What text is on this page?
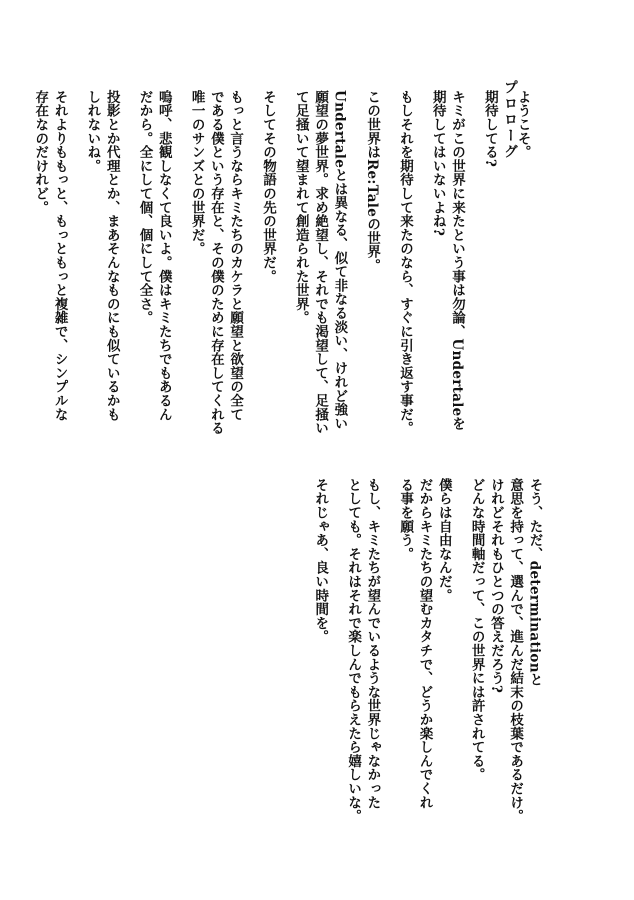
プロローグ
ようこそ。
期待してる?
キミがこの世界に来たという事は勿論、Undertaleを
期待してはいないよね?
もしそれを期待して来たのなら、すぐに引き返す事だ。
この世界はRe:Taleの世界。
Undertaleとは異なる、似て非なる淡い、けれど強い
願望の夢世界。求め絶望し、それでも渇望して、足掻い
て足掻いて望まれて創造られた世界。
そしてその物語の先の世界だ。
もっと言うならキミたちのカケラと願望と欲望の全て
である僕という存在と、その僕のために存在してくれる
唯一のサンズとの世界だ。
嗚呼、悲観しなくて良いよ。僕はキミたちでもあるん
だから。全にして個、個にして全さ。
投影とか代理とか、まあそんなものにも似ているかも
しれないね。
それよりももっと、もっともっと複雑で、シンプルな
存在なのだけれど。
そう、ただ、determinationと
意思を持って、選んで、進んだ結末の枝葉であるだけ。
けれどそれもひとつの答えだろう?
どんな時間軸だって、この世界には許されてる。
僕らは自由なんだ。
だからキミたちの望むカタチで、どうか楽しんでくれ
る事を願う。
もし、キミたちが望んでいるような世界じゃなかった
としても。それはそれで楽しんでもらえたら嬉しいな。
それじゃあ、良い時間を。
